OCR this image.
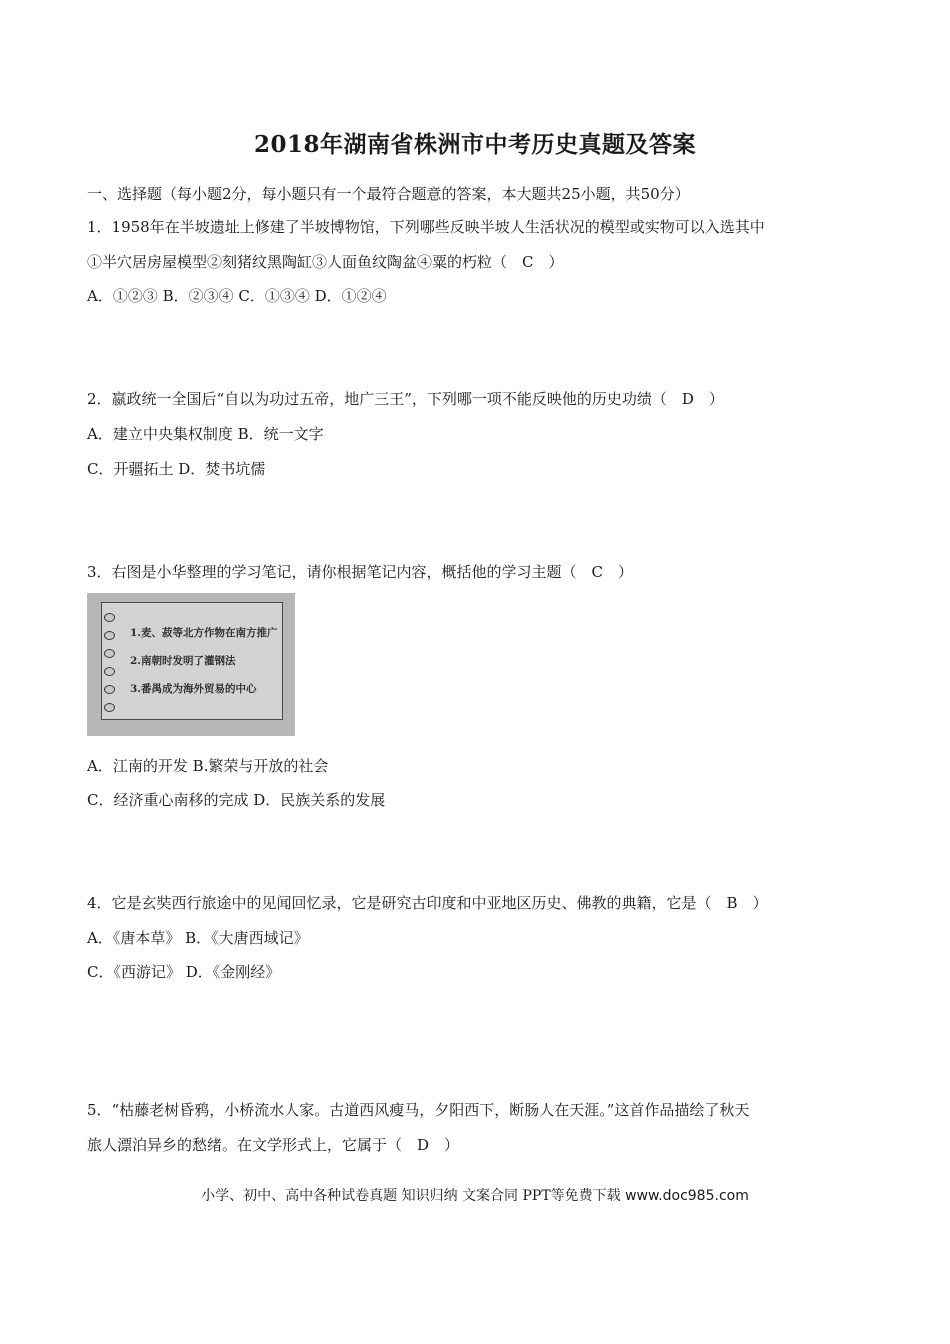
2018年湖南省株洲市中考历史真题及答案
一、选择题（每小题2分，每小题只有一个最符合题意的答案，本大题共25小题，共50分）
1．1958年在半坡遗址上修建了半坡博物馆，下列哪些反映半坡人生活状况的模型或实物可以入选其中
①半穴居房屋模型②刻猪纹黑陶缸③人面鱼纹陶盆④粟的朽粒（　C　）
A．①②③ B．②③④ C．①③④ D．①②④
2．嬴政统一全国后“自以为功过五帝，地广三王”，下列哪一项不能反映他的历史功绩（　D　）
A．建立中央集权制度 B．统一文字
C．开疆拓土 D．焚书坑儒
3．右图是小华整理的学习笔记，请你根据笔记内容，概括他的学习主题（　C　）
1.麦、菽等北方作物在南方推广
2.南朝时发明了灌钢法
3.番禺成为海外贸易的中心
A．江南的开发 B.繁荣与开放的社会
C．经济重心南移的完成 D．民族关系的发展
4．它是玄奘西行旅途中的见闻回忆录，它是研究古印度和中亚地区历史、佛教的典籍，它是（　B　）
A．《唐本草》 B．《大唐西域记》
C．《西游记》 D．《金刚经》
5．“枯藤老树昏鸦，小桥流水人家。古道西风瘦马，夕阳西下，断肠人在天涯。”这首作品描绘了秋天
旅人漂泊异乡的愁绪。在文学形式上，它属于（　D　）
小学、初中、高中各种试卷真题 知识归纳 文案合同 PPT等免费下载 www.doc985.com
